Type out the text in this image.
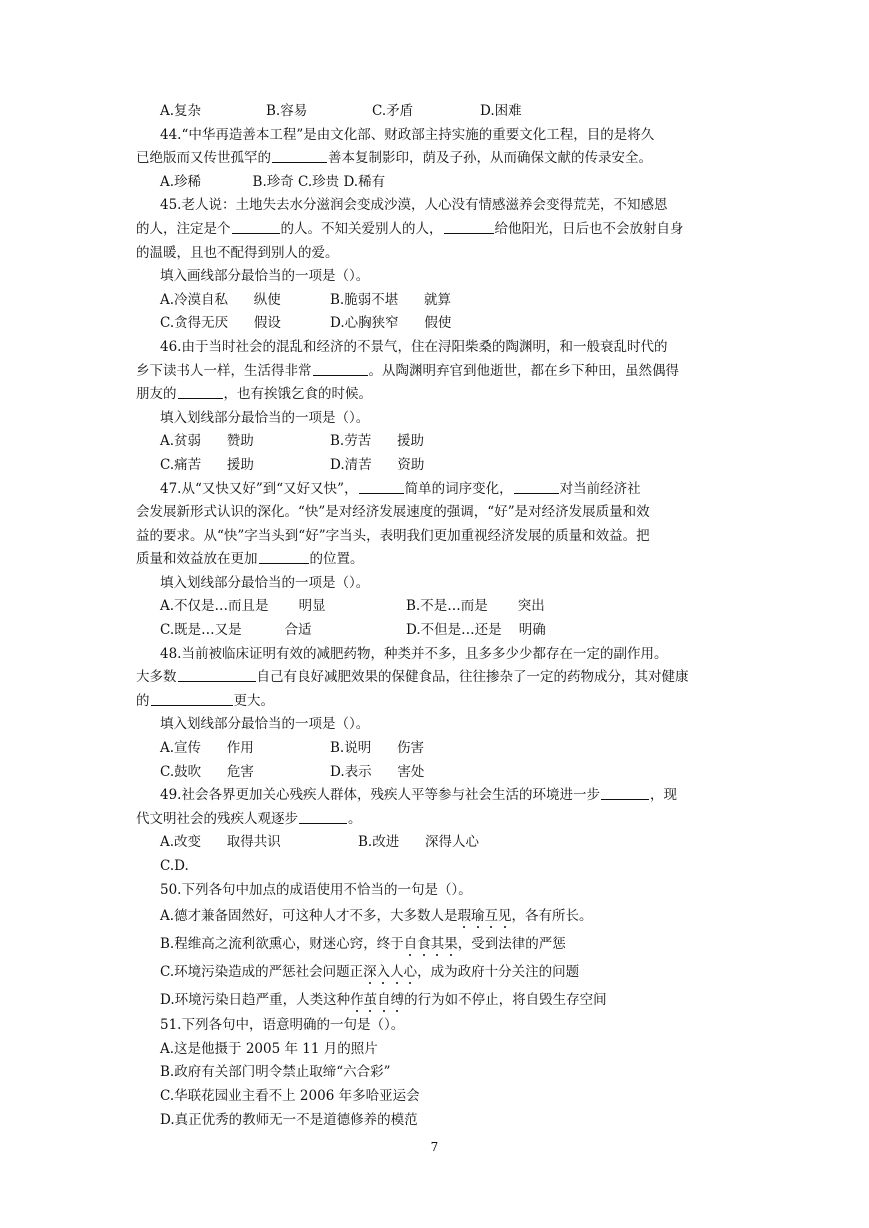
A.复杂	B.容易	C.矛盾	D.困难
44.“中华再造善本工程”是由文化部、财政部主持实施的重要文化工程，目的是将久
已绝版而又传世孤罕的	善本复制影印，荫及子孙，从而确保文献的传录安全。
A.珍稀            B.珍奇 C.珍贵 D.稀有
45.老人说：土地失去水分滋润会变成沙漠，人心没有情感滋养会变得荒芜，不知感恩
的人，注定是个	的人。不知关爱别人的人，	给他阳光，日后也不会放射自身
的温暖，且也不配得到别人的爱。
填入画线部分最恰当的一项是（）。
A.冷漠自私      纵使	B.脆弱不堪      就算
C.贪得无厌      假设	D.心胸狭窄      假使
46.由于当时社会的混乱和经济的不景气，住在浔阳柴桑的陶渊明，和一般衰乱时代的
乡下读书人一样，生活得非常	。从陶渊明弃官到他逝世，都在乡下种田，虽然偶得
朋友的	，也有挨饿乞食的时候。
填入划线部分最恰当的一项是（）。
A.贫弱      赞助	B.劳苦      援助
C.痛苦      援助	D.清苦      资助
47.从“又快又好”到“又好又快”，	简单的词序变化，	对当前经济社
会发展新形式认识的深化。“快”是对经济发展速度的强调，“好”是对经济发展质量和效
益的要求。从“快”字当头到“好”字当头，表明我们更加重视经济发展的质量和效益。把
质量和效益放在更加	的位置。
填入划线部分最恰当的一项是（）。
A.不仅是…而且是       明显	B.不是…而是       突出
C.既是…又是          合适	D.不但是…还是    明确
48.当前被临床证明有效的减肥药物，种类并不多，且多多少少都存在一定的副作用。
大多数	自己有良好减肥效果的保健食品，往往掺杂了一定的药物成分，其对健康
的	更大。
填入划线部分最恰当的一项是（）。
A.宣传      作用	B.说明      伤害
C.鼓吹      危害	D.表示      害处
49.社会各界更加关心残疾人群体，残疾人平等参与社会生活的环境进一步	，现
代文明社会的残疾人观逐步	。
A.改变      取得共识	B.改进      深得人心
C.D.
50.下列各句中加点的成语使用不恰当的一句是（）。
A.德才兼备固然好，可这种人才不多，大多数人是瑕瑜互见，各有所长。
B.程维高之流利欲熏心，财迷心窍，终于自食其果，受到法律的严惩
C.环境污染造成的严惩社会问题正深入人心，成为政府十分关注的问题
D.环境污染日趋严重，人类这种作茧自缚的行为如不停止，将自毁生存空间
51.下列各句中，语意明确的一句是（）。
A.这是他摄于 2005 年 11 月的照片
B.政府有关部门明令禁止取缔“六合彩”
C.华联花园业主看不上 2006 年多哈亚运会
D.真正优秀的教师无一不是道德修养的模范
7
